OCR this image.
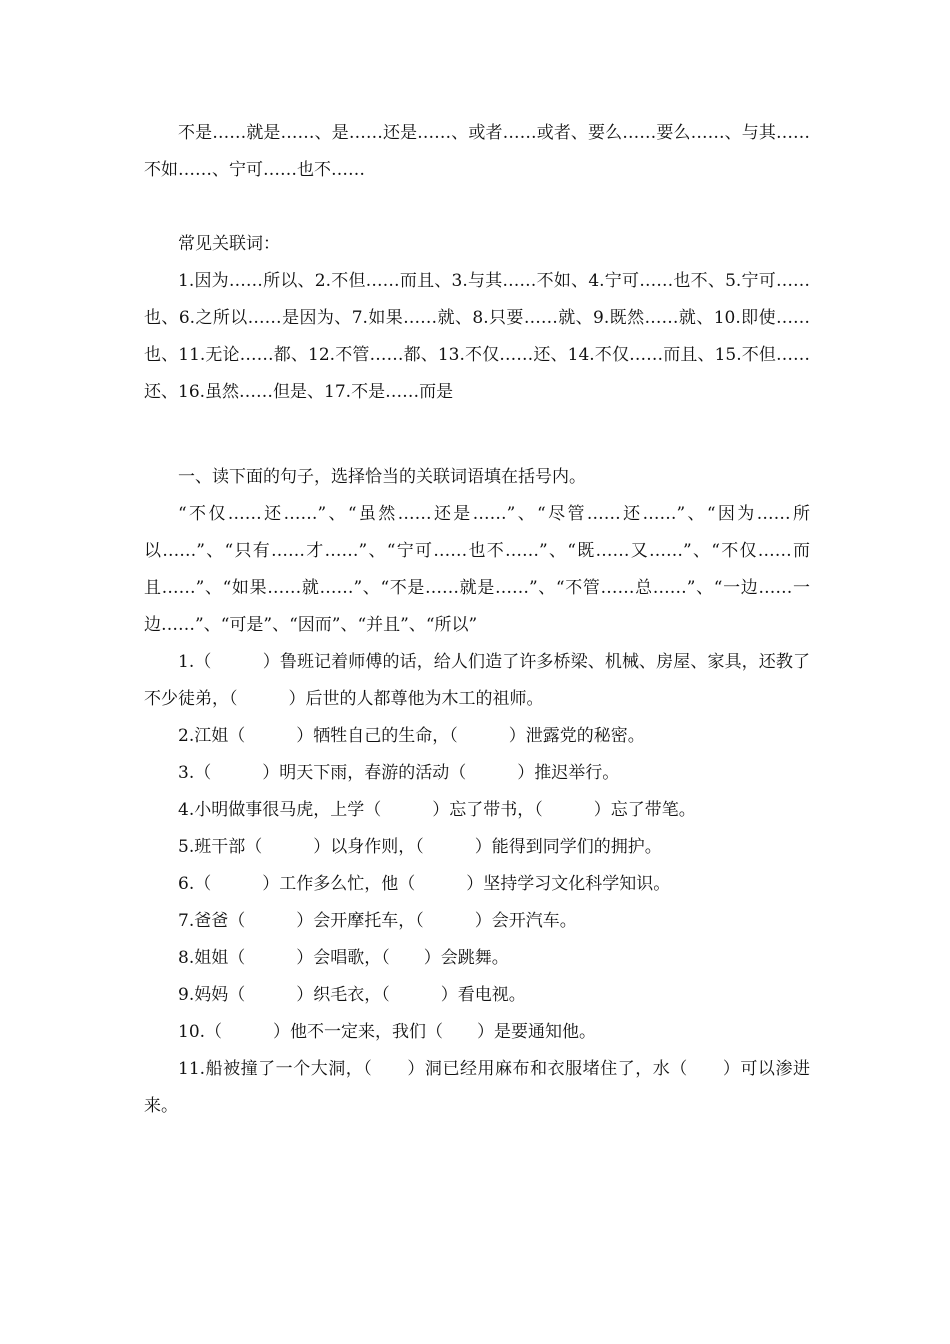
不是……就是……、是……还是……、或者……或者、要么……要么……、与其……不如……、宁可……也不……

常见关联词：

1.因为……所以、2.不但……而且、3.与其……不如、4.宁可……也不、5.宁可……也、6.之所以……是因为、7.如果……就、8.只要……就、9.既然……就、10.即使……也、11.无论……都、12.不管……都、13.不仅……还、14.不仅……而且、15.不但……还、16.虽然……但是、17.不是……而是

一、读下面的句子，选择恰当的关联词语填在括号内。

“不仅……还……”、“虽然……还是……”、“尽管……还……”、“因为……所以……”、“只有……才……”、“宁可……也不……”、“既……又……”、“不仅……而且……”、“如果……就……”、“不是……就是……”、“不管……总……”、“一边……一边……”、“可是”、“因而”、“并且”、“所以”

1.（　　　）鲁班记着师傅的话，给人们造了许多桥梁、机械、房屋、家具，还教了不少徒弟，（　　　）后世的人都尊他为木工的祖师。

2.江姐（　　　）牺牲自己的生命，（　　　）泄露党的秘密。

3.（　　　）明天下雨，春游的活动（　　　）推迟举行。

4.小明做事很马虎，上学（　　　）忘了带书，（　　　）忘了带笔。

5.班干部（　　　）以身作则，（　　　）能得到同学们的拥护。

6.（　　　）工作多么忙，他（　　　）坚持学习文化科学知识。

7.爸爸（　　　）会开摩托车，（　　　）会开汽车。

8.姐姐（　　　）会唱歌，（　　）会跳舞。

9.妈妈（　　　）织毛衣，（　　　）看电视。

10.（　　　）他不一定来，我们（　　）是要通知他。

11.船被撞了一个大洞，（　　）洞已经用麻布和衣服堵住了，水（　　）可以渗进来。
